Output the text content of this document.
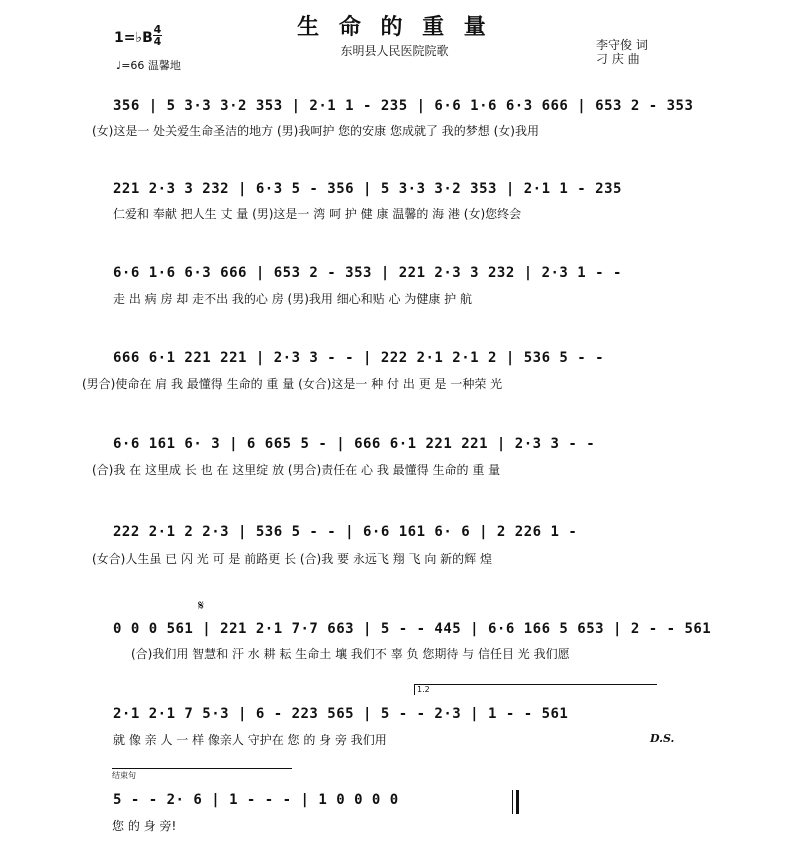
生 命 的 重 量
东明县人民医院院歌	李守俊 词
刁 庆 曲
1=♭B
4
4
♩=66 温馨地
356 | 5 3·3 3·2 353 | 2·1 1 - 235 | 6·6 1·6 6·3 666 | 653 2 - 353
(女)这是一 处关爱生命圣洁的地方 (男)我呵护 您的安康 您成就了 我的梦想 (女)我用
221 2·3 3 232 | 6·3 5 - 356 | 5 3·3 3·2 353 | 2·1 1 - 235
仁爱和 奉献 把人生 丈 量 (男)这是一 湾 呵 护 健 康 温馨的 海 港 (女)您终会
6·6 1·6 6·3 666 | 653 2 - 353 | 221 2·3 3 232 | 2·3 1 - -
走 出 病 房 却 走不出 我的心 房 (男)我用 细心和贴 心 为健康 护 航
666 6·1 221 221 | 2·3 3 - - | 222 2·1 2·1 2 | 536 5 - -
(男合)使命在 肩 我 最懂得 生命的 重 量 (女合)这是一 种 付 出 更 是 一种荣 光
6·6 161 6· 3 | 6 665 5 - | 666 6·1 221 221 | 2·3 3 - -
(合)我 在 这里成 长 也 在 这里绽 放 (男合)责任在 心 我 最懂得 生命的 重 量
222 2·1 2 2·3 | 536 5 - - | 6·6 161 6· 6 | 2 226 1 -
(女合)人生虽 已 闪 光 可 是 前路更 长 (合)我 要 永远飞 翔 飞 向 新的辉 煌
𝄋
0 0 0 561 | 221 2·1 7·7 663 | 5 - - 445 | 6·6 166 5 653 | 2 - - 561
(合)我们用 智慧和 汗 水 耕 耘 生命土 壤 我们不 辜 负 您期待 与 信任目 光 我们愿
1.2
2·1 2·1 7 5·3 | 6 - 223 565 | 5 - - 2·3 | 1 - - 561
就 像 亲 人 一 样 像亲人 守护在 您 的 身 旁 我们用	D.S.
结束句
5 - - 2· 6 | 1 - - - | 1 0 0 0 0
您 的 身 旁!
